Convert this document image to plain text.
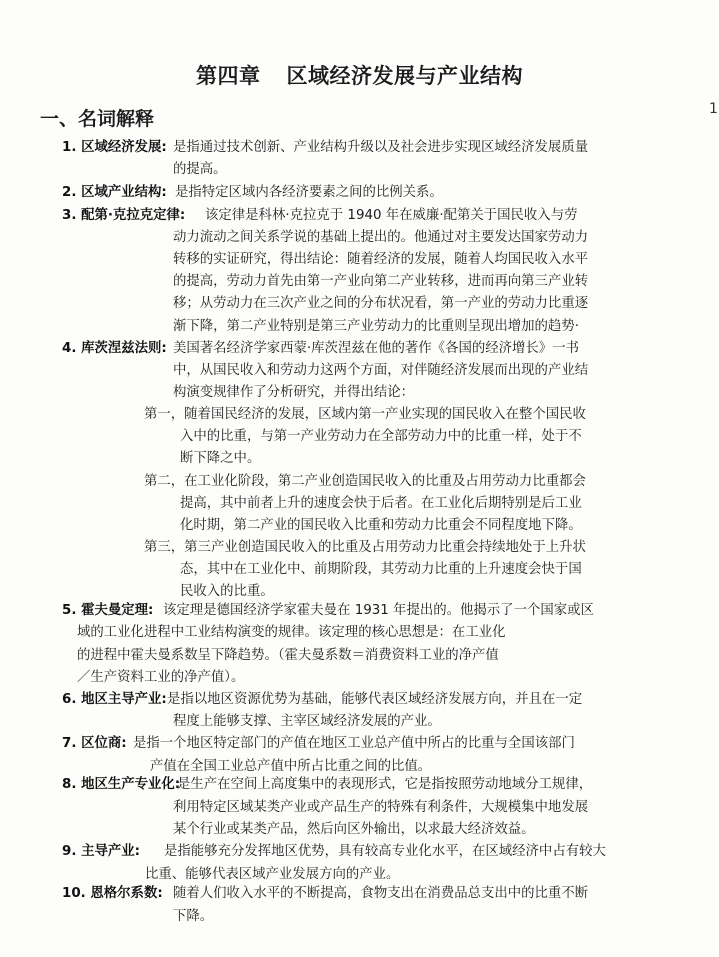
第四章 区域经济发展与产业结构
一、名词解释	1
1. 区域经济发展: 是指通过技术创新、产业结构升级以及社会进步实现区域经济发展质量
的提高。
2. 区域产业结构: 是指特定区域内各经济要素之间的比例关系。
3. 配第·克拉克定律: 该定律是科林·克拉克于 1940 年在威廉·配第关于国民收入与劳
动力流动之间关系学说的基础上提出的。他通过对主要发达国家劳动力
转移的实证研究，得出结论：随着经济的发展，随着人均国民收入水平
的提高，劳动力首先由第一产业向第二产业转移，进而再向第三产业转
移；从劳动力在三次产业之间的分布状况看，第一产业的劳动力比重逐
渐下降，第二产业特别是第三产业劳动力的比重则呈现出增加的趋势·
4. 库茨涅兹法则: 美国著名经济学家西蒙·库茨涅兹在他的著作《各国的经济增长》一书
中，从国民收入和劳动力这两个方面，对伴随经济发展而出现的产业结
构演变规律作了分析研究，并得出结论：
第一，随着国民经济的发展，区域内第一产业实现的国民收入在整个国民收
入中的比重，与第一产业劳动力在全部劳动力中的比重一样，处于不
断下降之中。
第二，在工业化阶段，第二产业创造国民收入的比重及占用劳动力比重都会
提高，其中前者上升的速度会快于后者。在工业化后期特别是后工业
化时期，第二产业的国民收入比重和劳动力比重会不同程度地下降。
第三，第三产业创造国民收入的比重及占用劳动力比重会持续地处于上升状
态，其中在工业化中、前期阶段，其劳动力比重的上升速度会快于国
民收入的比重。
5. 霍夫曼定理: 该定理是德国经济学家霍夫曼在 1931 年提出的。他揭示了一个国家或区
域的工业化进程中工业结构演变的规律。该定理的核心思想是：在工业化
的进程中霍夫曼系数呈下降趋势。（霍夫曼系数＝消费资料工业的净产值
／生产资料工业的净产值）。
6. 地区主导产业: 是指以地区资源优势为基础，能够代表区域经济发展方向，并且在一定
程度上能够支撑、主宰区域经济发展的产业。
7. 区位商: 是指一个地区特定部门的产值在地区工业总产值中所占的比重与全国该部门
产值在全国工业总产值中所占比重之间的比值。
8. 地区生产专业化:
是生产在空间上高度集中的表现形式，它是指按照劳动地域分工规律，
利用特定区域某类产业或产品生产的特殊有利条件，大规模集中地发展
某个行业或某类产品，然后向区外输出，以求最大经济效益。
9. 主导产业: 是指能够充分发挥地区优势，具有较高专业化水平，在区域经济中占有较大
比重、能够代表区域产业发展方向的产业。
10. 恩格尔系数: 随着人们收入水平的不断提高，食物支出在消费品总支出中的比重不断
下降。
